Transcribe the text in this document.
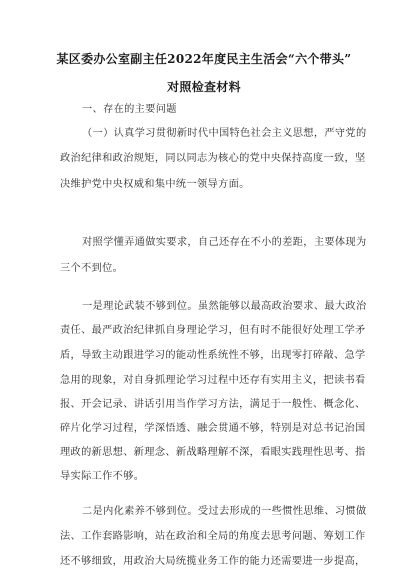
某区委办公室副主任2022年度民主生活会“六个带头”
对照检查材料
一、存在的主要问题
（一）认真学习贯彻新时代中国特色社会主义思想，严守党的
政治纪律和政治规矩，同以同志为核心的党中央保持高度一致，坚
决维护党中央权威和集中统一领导方面。
对照学懂弄通做实要求，自己还存在不小的差距，主要体现为
三个不到位。
一是理论武装不够到位。虽然能够以最高政治要求、最大政治
责任、最严政治纪律抓自身理论学习，但有时不能很好处理工学矛
盾，导致主动跟进学习的能动性系统性不够，出现零打碎敲、急学
急用的现象，对自身抓理论学习过程中还存有实用主义，把读书看
报、开会记录、讲话引用当作学习方法，满足于一般性、概念化、
碎片化学习过程，学深悟透、融会贯通不够，特别是对总书记治国
理政的新思想、新理念、新战略理解不深，看眼实践理性思考、指
导实际工作不够。
二是内化素养不够到位。受过去形成的一些惯性思维、习惯做
法、工作套路影响，站在政治和全局的角度去思考问题、筹划工作
还不够细致，用政治大局统揽业务工作的能力还需要进一步提高，
